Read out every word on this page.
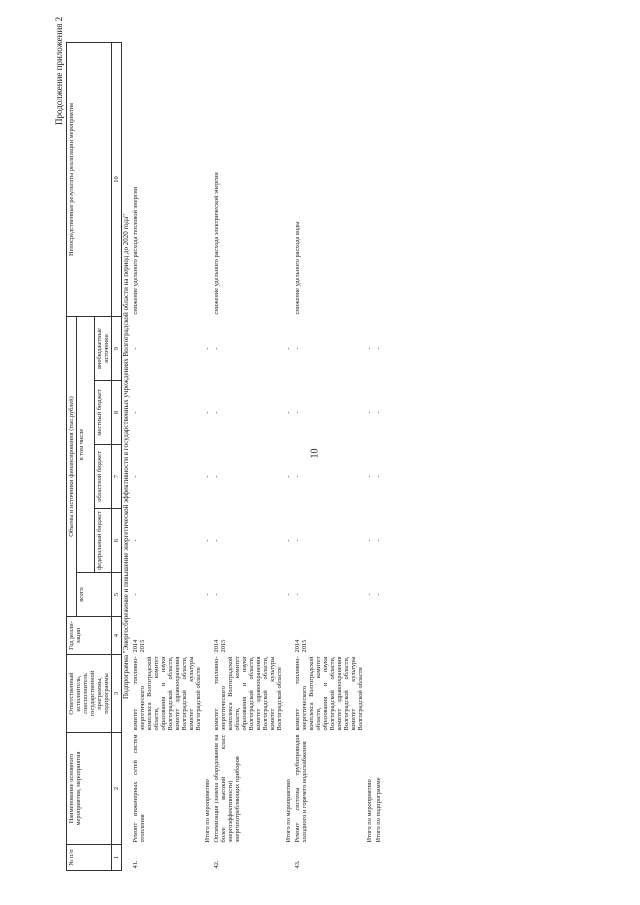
10
Продолжение приложения 2
№ п/п	Наименование основного мероприятия, мероприятия	Ответственный исполнитель, соисполнитель государственной программы, подпрограммы	Год реали-зации	Объемы и источники финансирования (тыс.рублей)					Непосредственные результаты реализации мероприятия
				всего	в том числе				
					федеральный бюджет	областной бюджет	местный бюджет	внебюджетные источники	
1	2	3	4	5	6	7	8	9	10

Подпрограмма "Энергосбережение и повышение энергетической эффективности в государственных учреждениях Волгоградской области на период до 2020 года"									

41.	Ремонт инженерных сетей систем отопления	комитет топливно-энергетического комплекса Волгоградской области, комитет образования и науки Волгоградской области, комитет здравоохранения Волгоградской области, комитет культуры Волгоградской области	2014 2015	-	-	-	-	-	снижение удельного расхода тепловой энергии
	Итого по мероприятию			-	-	-	-	-	
42.	Оптимизация (замена оборудования на более высокий класс энергоэффективности) энергопотребляющих приборов	комитет топливно-энергетического комплекса Волгоградской области, комитет образования и науки Волгоградской области, комитет здравоохранения Волгоградской области, комитет культуры Волгоградской области	2014 2015	-	-	-	-	-	снижение удельного расхода электрической энергии
	Итого по мероприятию			-	-	-	-	-	
43.	Ремонт системы трубопроводов холодного и горячего водоснабжения	комитет топливно-энергетического комплекса Волгоградской области, комитет образования и науки Волгоградской области, комитет здравоохранения Волгоградской области, комитет культуры Волгоградской области	2014 2015	-	-	-	-	-	снижение удельного расхода воды
	Итого по мероприятию			-	-	-	-	-	
	Итого по подпрограмме			-	-	-	-	-	
